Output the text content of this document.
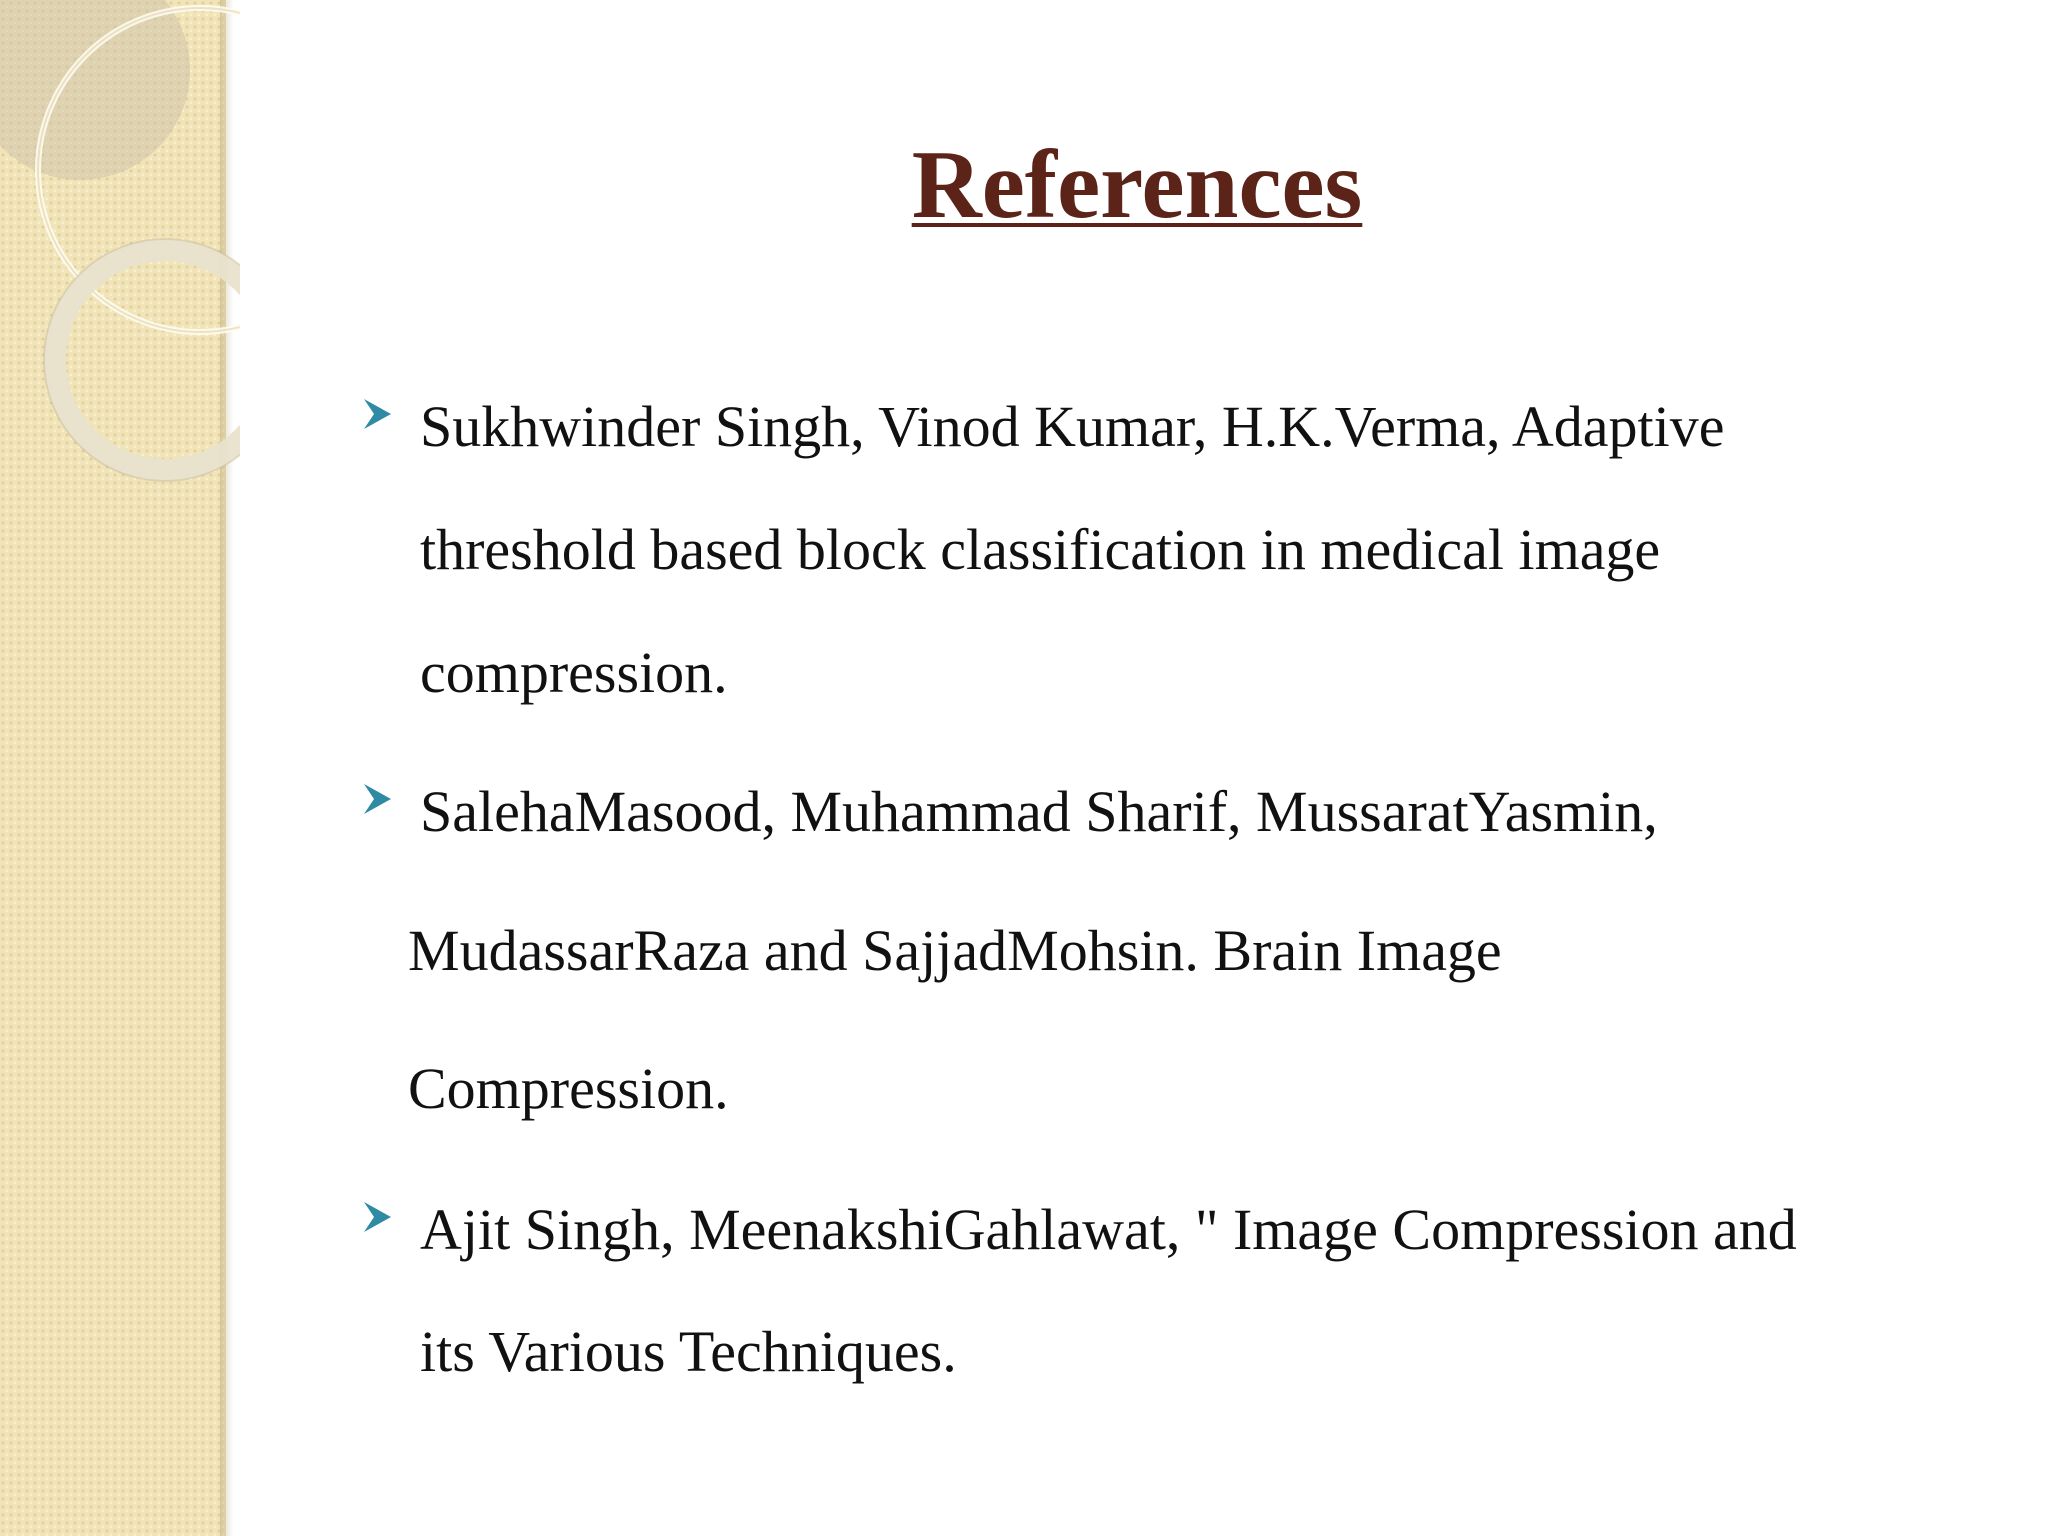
References
Sukhwinder Singh, Vinod Kumar, H.K.Verma, Adaptive
threshold based block classification in medical image
compression.
SalehaMasood, Muhammad Sharif, MussaratYasmin,
MudassarRaza and SajjadMohsin. Brain Image
Compression.
Ajit Singh, MeenakshiGahlawat, " Image Compression and
its Various Techniques.
